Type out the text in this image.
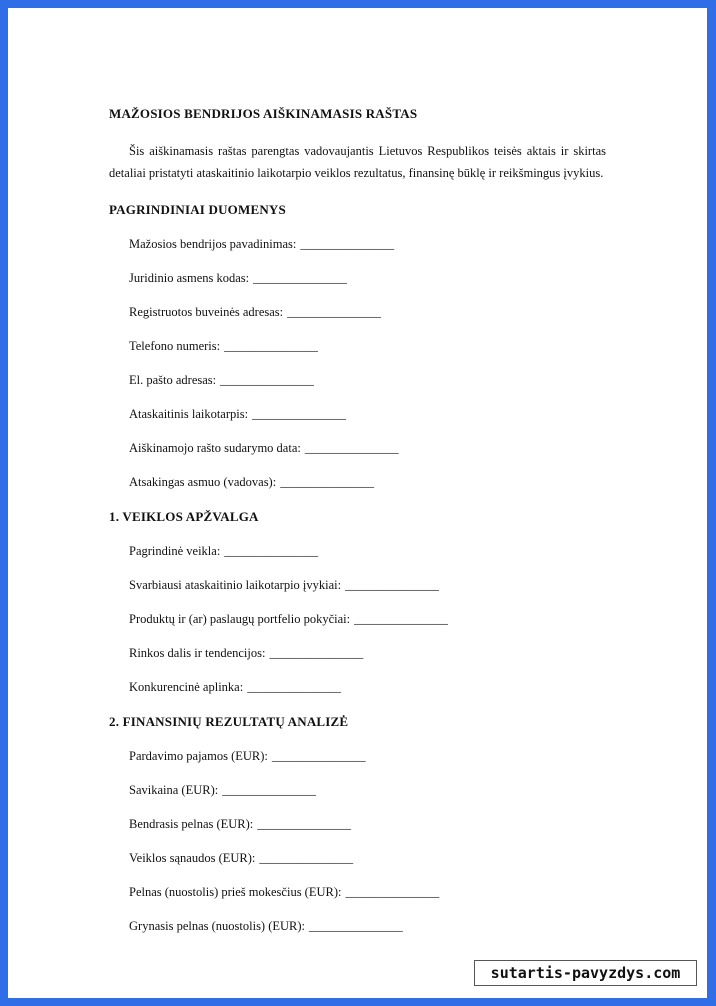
MAŽOSIOS BENDRIJOS AIŠKINAMASIS RAŠTAS

Šis aiškinamasis raštas parengtas vadovaujantis Lietuvos Respublikos teisės aktais ir skirtas detaliai pristatyti ataskaitinio laikotarpio veiklos rezultatus, finansinę būklę ir reikšmingus įvykius.

PAGRINDINIAI DUOMENYS
Mažosios bendrijos pavadinimas: _______________
Juridinio asmens kodas: _______________
Registruotos buveinės adresas: _______________
Telefono numeris: _______________
El. pašto adresas: _______________
Ataskaitinis laikotarpis: _______________
Aiškinamojo rašto sudarymo data: _______________
Atsakingas asmuo (vadovas): _______________
1. VEIKLOS APŽVALGA
Pagrindinė veikla: _______________
Svarbiausi ataskaitinio laikotarpio įvykiai: _______________
Produktų ir (ar) paslaugų portfelio pokyčiai: _______________
Rinkos dalis ir tendencijos: _______________
Konkurencinė aplinka: _______________
2. FINANSINIŲ REZULTATŲ ANALIZĖ
Pardavimo pajamos (EUR): _______________
Savikaina (EUR): _______________
Bendrasis pelnas (EUR): _______________
Veiklos sąnaudos (EUR): _______________
Pelnas (nuostolis) prieš mokesčius (EUR): _______________
Grynasis pelnas (nuostolis) (EUR): _______________
sutartis-pavyzdys.com
